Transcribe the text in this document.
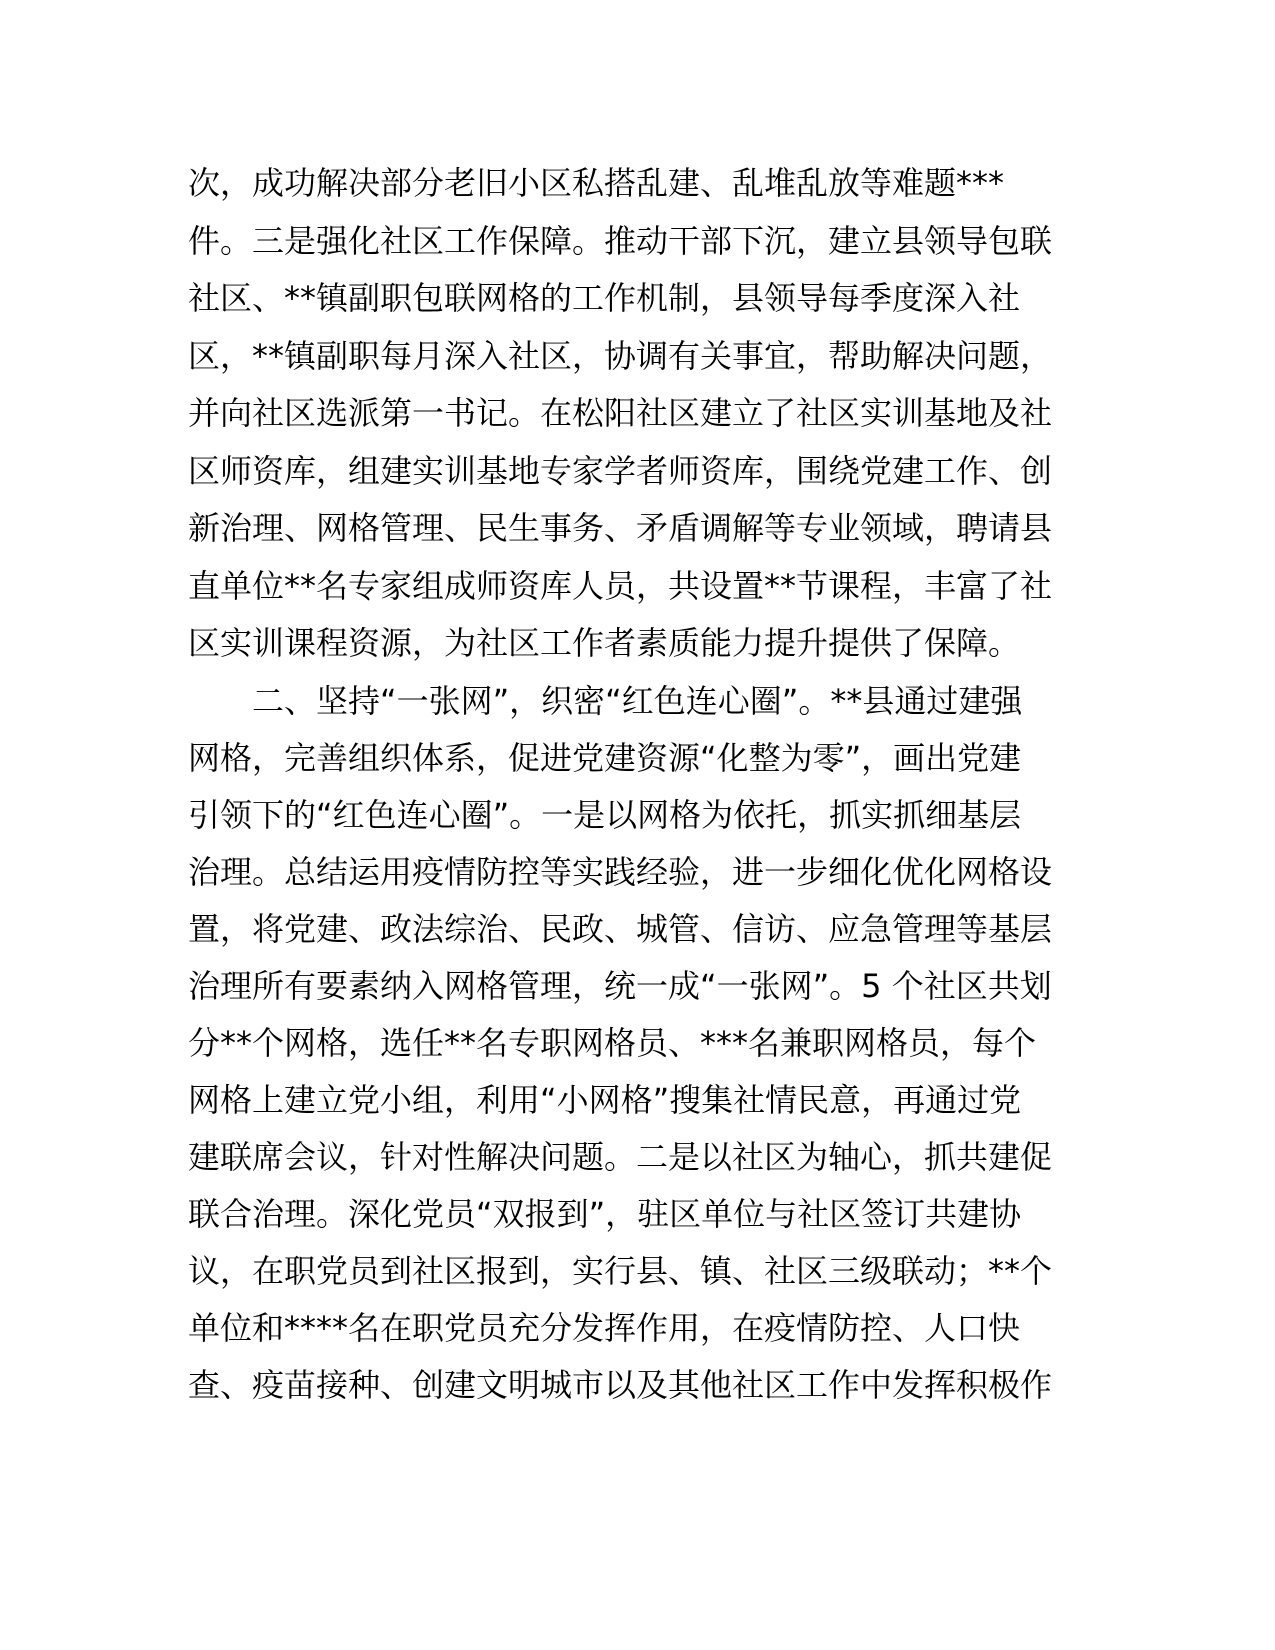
次，成功解决部分老旧小区私搭乱建、乱堆乱放等难题***
件。三是强化社区工作保障。推动干部下沉，建立县领导包联
社区、**镇副职包联网格的工作机制，县领导每季度深入社
区，**镇副职每月深入社区，协调有关事宜，帮助解决问题，
并向社区选派第一书记。在松阳社区建立了社区实训基地及社
区师资库，组建实训基地专家学者师资库，围绕党建工作、创
新治理、网格管理、民生事务、矛盾调解等专业领域，聘请县
直单位**名专家组成师资库人员，共设置**节课程，丰富了社
区实训课程资源，为社区工作者素质能力提升提供了保障。
　　二、坚持“一张网”，织密“红色连心圈”。**县通过建强
网格，完善组织体系，促进党建资源“化整为零”，画出党建
引领下的“红色连心圈”。一是以网格为依托，抓实抓细基层
治理。总结运用疫情防控等实践经验，进一步细化优化网格设
置，将党建、政法综治、民政、城管、信访、应急管理等基层
治理所有要素纳入网格管理，统一成“一张网”。5 个社区共划
分**个网格，选任**名专职网格员、***名兼职网格员，每个
网格上建立党小组，利用“小网格”搜集社情民意，再通过党
建联席会议，针对性解决问题。二是以社区为轴心，抓共建促
联合治理。深化党员“双报到”，驻区单位与社区签订共建协
议，在职党员到社区报到，实行县、镇、社区三级联动；**个
单位和****名在职党员充分发挥作用，在疫情防控、人口快
查、疫苗接种、创建文明城市以及其他社区工作中发挥积极作
